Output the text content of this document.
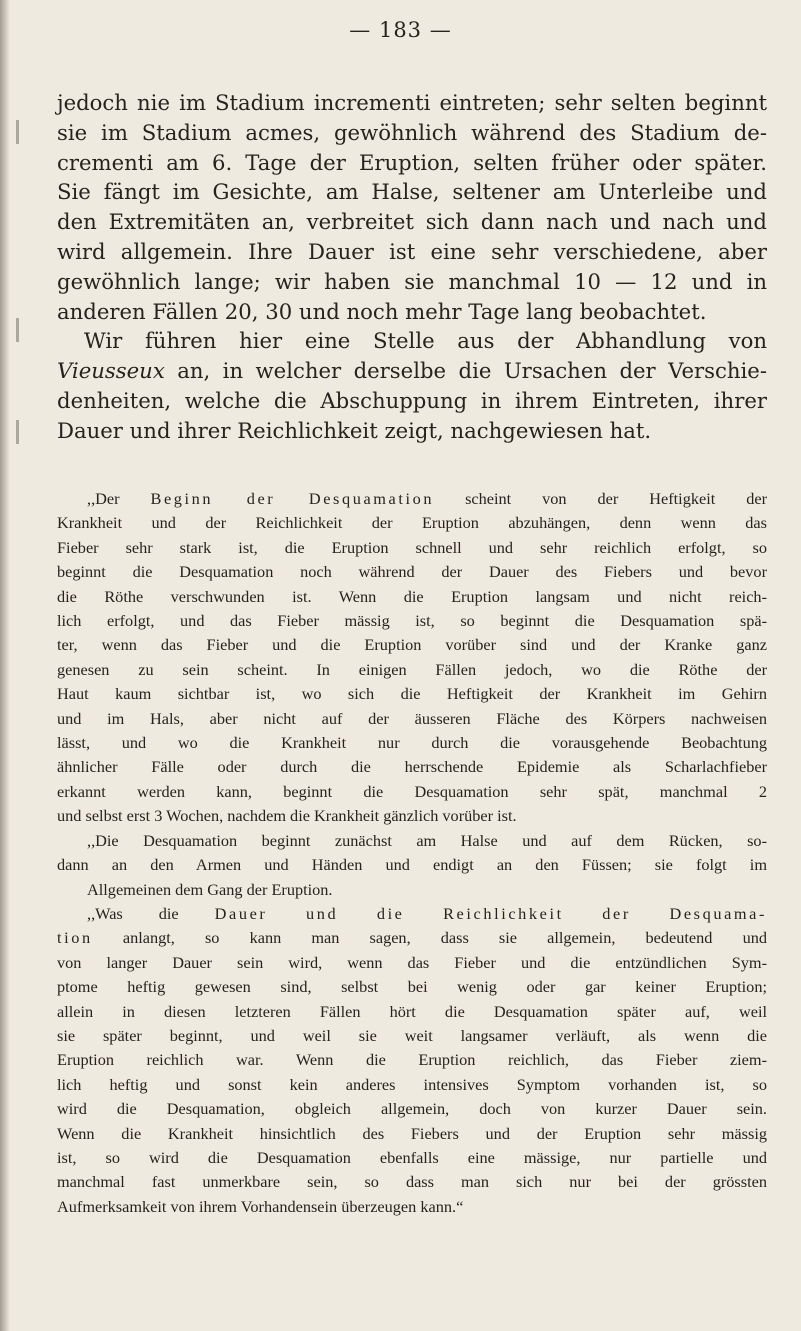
— 183 —
jedoch nie im Stadium incrementi eintreten; sehr selten beginnt
sie im Stadium acmes, gewöhnlich während des Stadium de-
crementi am 6. Tage der Eruption, selten früher oder später.
Sie fängt im Gesichte, am Halse, seltener am Unterleibe und
den Extremitäten an, verbreitet sich dann nach und nach und
wird allgemein. Ihre Dauer ist eine sehr verschiedene, aber
gewöhnlich lange; wir haben sie manchmal 10 — 12 und in
anderen Fällen 20, 30 und noch mehr Tage lang beobachtet.
Wir führen hier eine Stelle aus der Abhandlung von
Vieusseux an, in welcher derselbe die Ursachen der Verschie-
denheiten, welche die Abschuppung in ihrem Eintreten, ihrer
Dauer und ihrer Reichlichkeit zeigt, nachgewiesen hat.
,,Der Beginn der Desquamation scheint von der Heftigkeit der
Krankheit und der Reichlichkeit der Eruption abzuhängen, denn wenn das
Fieber sehr stark ist, die Eruption schnell und sehr reichlich erfolgt, so
beginnt die Desquamation noch während der Dauer des Fiebers und bevor
die Röthe verschwunden ist. Wenn die Eruption langsam und nicht reich-
lich erfolgt, und das Fieber mässig ist, so beginnt die Desquamation spä-
ter, wenn das Fieber und die Eruption vorüber sind und der Kranke ganz
genesen zu sein scheint. In einigen Fällen jedoch, wo die Röthe der
Haut kaum sichtbar ist, wo sich die Heftigkeit der Krankheit im Gehirn
und im Hals, aber nicht auf der äusseren Fläche des Körpers nachweisen
lässt, und wo die Krankheit nur durch die vorausgehende Beobachtung
ähnlicher Fälle oder durch die herrschende Epidemie als Scharlachfieber
erkannt werden kann, beginnt die Desquamation sehr spät, manchmal 2
und selbst erst 3 Wochen, nachdem die Krankheit gänzlich vorüber ist.
,,Die Desquamation beginnt zunächst am Halse und auf dem Rücken, so-
dann an den Armen und Händen und endigt an den Füssen; sie folgt im
Allgemeinen dem Gang der Eruption.
,,Was die Dauer und die Reichlichkeit der Desquama-
tion anlangt, so kann man sagen, dass sie allgemein, bedeutend und
von langer Dauer sein wird, wenn das Fieber und die entzündlichen Sym-
ptome heftig gewesen sind, selbst bei wenig oder gar keiner Eruption;
allein in diesen letzteren Fällen hört die Desquamation später auf, weil
sie später beginnt, und weil sie weit langsamer verläuft, als wenn die
Eruption reichlich war. Wenn die Eruption reichlich, das Fieber ziem-
lich heftig und sonst kein anderes intensives Symptom vorhanden ist, so
wird die Desquamation, obgleich allgemein, doch von kurzer Dauer sein.
Wenn die Krankheit hinsichtlich des Fiebers und der Eruption sehr mässig
ist, so wird die Desquamation ebenfalls eine mässige, nur partielle und
manchmal fast unmerkbare sein, so dass man sich nur bei der grössten
Aufmerksamkeit von ihrem Vorhandensein überzeugen kann.“
